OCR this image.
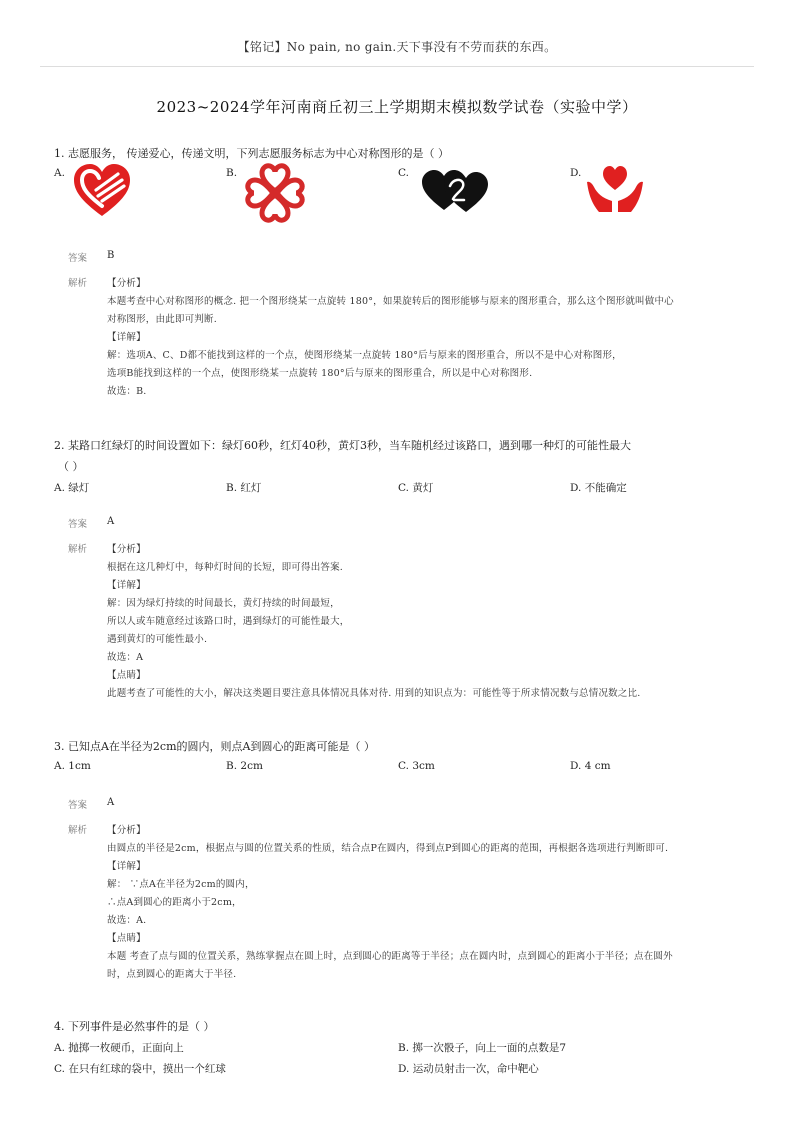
【铭记】No pain, no gain.天下事没有不劳而获的东西。
2023~2024学年河南商丘初三上学期期末模拟数学试卷（实验中学）
1. 志愿服务， 传递爱心，传递文明，下列志愿服务标志为中心对称图形的是（ ）
A.	B.	C.	D.
答案 B
解析 【分析】
本题考查中心对称图形的概念. 把一个图形绕某一点旋转 180°，如果旋转后的图形能够与原来的图形重合，那么这个图形就叫做中心
对称图形，由此即可判断.
【详解】
解：选项A、C、D都不能找到这样的一个点，使图形绕某一点旋转 180°后与原来的图形重合，所以不是中心对称图形，
选项B能找到这样的一个点，使图形绕某一点旋转 180°后与原来的图形重合，所以是中心对称图形.
故选：B.
2. 某路口红绿灯的时间设置如下：绿灯60秒，红灯40秒，黄灯3秒，当车随机经过该路口，遇到哪一种灯的可能性最大
（ ）
A. 绿灯	B. 红灯	C. 黄灯	D. 不能确定
答案 A
解析 【分析】
根据在这几种灯中，每种灯时间的长短，即可得出答案.
【详解】
解：因为绿灯持续的时间最长，黄灯持续的时间最短，
所以人或车随意经过该路口时，遇到绿灯的可能性最大，
遇到黄灯的可能性最小.
故选：A
【点睛】
此题考查了可能性的大小，解决这类题目要注意具体情况具体对待. 用到的知识点为：可能性等于所求情况数与总情况数之比.
3. 已知点A在半径为2cm的圆内，则点A到圆心的距离可能是（ ）
A. 1cm	B. 2cm	C. 3cm	D. 4 cm
答案 A
解析 【分析】
由圆点的半径是2cm，根据点与圆的位置关系的性质，结合点P在圆内，得到点P到圆心的距离的范围，再根据各选项进行判断即可.
【详解】
解： ∵点A在半径为2cm的圆内，
∴点A到圆心的距离小于2cm，
故选：A.
【点睛】
本题 考查了点与圆的位置关系，熟练掌握点在圆上时，点到圆心的距离等于半径；点在圆内时，点到圆心的距离小于半径；点在圆外
时，点到圆心的距离大于半径.
4. 下列事件是必然事件的是（ ）
A. 抛掷一枚硬币，正面向上	B. 掷一次骰子，向上一面的点数是7
C. 在只有红球的袋中，摸出一个红球	D. 运动员射击一次，命中靶心
